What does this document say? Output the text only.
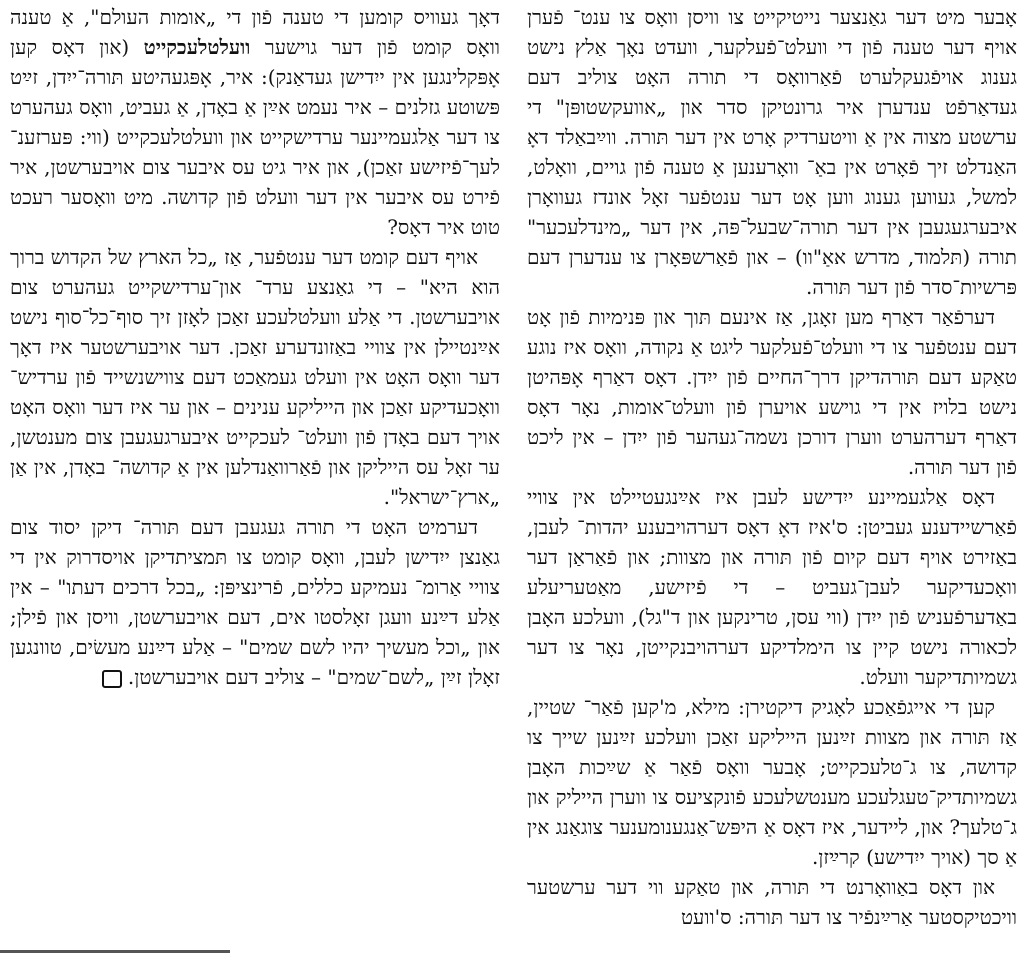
אָבער מיט דער גאַנצער נייטיקייט צו וויסן וואָס צו ענט־ פֿערן אויף דער טענה פֿון די וועלט־פֿעלקער, וועדט נאָך אַלץ נישט גענוג אויפֿגעקלערט פֿאַרוואָס די תורה האָט צוליב דעם געדאַרפֿט ענדערן איר גרונטיקן סדר און „אוועקשטופּן" די ערשטע מצוה אין אַ וויטערדיק אָרט אין דער תּורה. ווײַבאַלד דאָ האַנדלט זיך פֿאָרט אין באַ־ וואָרענען אַ טענה פֿון גויים, וואָלט, למשל, געווען גענוג ווען אָט דער ענטפֿער זאָל אונדז געוואָרן איבערגעגעבן אין דער תורה־שבעל־פּה, אין דער „מינדלעכער" תורה (תּלמוד, מדרש אאַ"וו) – און פֿאַרשפּאָרן צו ענדערן דעם פּרשיות־סדר פֿון דער תּורה.

דערפֿאַר דאַרף מען זאָגן, אַז אינעם תּוך און פּנימיות פֿון אָט דעם ענטפֿער צו די וועלט־פֿעלקער ליגט אַ נקודה, וואָס איז נוגע טאַקע דעם תּורהדיקן דרך־החיים פֿון ייִדן. דאָס דאַרף אָפּהיטן נישט בלויז אין די גוישע אויערן פֿון וועלט־אומות, נאָר דאָס דאַרף דערהערט ווערן דורכן נשמה־געהער פֿון ייִדן – אין ליכט פֿון דער תּורה.

דאָס אַלגעמיינע ייִדישע לעבן איז אײַנגעטיילט אין צוויי פֿאַרשיידענע געביטן: ס'איז דאָ דאָס דערהויבענע יהדות־ לעבן, באַזירט אויף דעם קיום פֿון תּורה און מצוות; און פֿאַראַן דער וואָכעדיקער לעבן־געביט – די פֿיזישע, מאַטעריעלע באַדערפֿעניש פֿון ייִדן (ווי עסן, טרינקען און ד"גל), וועלכע האָבן לכאורה נישט קיין צו הימלדיקע דערהויבנקייטן, נאָר צו דער גשמיותדיקער וועלט.

קען די אייגפֿאַכע לאָגיק דיקטירן: מילא, מ'קען פֿאַר־ שטיין, אַז תּורה און מצוות זײַנען הייליקע זאַכן וועלכע זײַנען שייך צו קדושה, צו ג־טלעכקייט; אָבער וואָס פֿאַר אַ שײַכות האָבן גשמיותדיק־טעגלעכע מענטשלעכע פֿונקציעס צו ווערן הייליק און ג־טלעך? און, ליידער, איז דאָס אַ היפּש־אַנגענומענער צוגאַנג אין אַ סך (אויך ייִדישע) קרײַזן.

און דאָס באַוואָרנט די תּורה, און טאַקע ווי דער ערשטער וויכטיקסטער אַרײַנפֿיר צו דער תּורה: ס'וועט

דאָך געוויס קומען די טענה פֿון די „אומות העולם", אַ טענה וואָס קומט פֿון דער גוישער וועלטלעכקייט (און דאָס קען אָפּקלינגען אין ייִדישן געדאַנק): איר, אָפּגעהיטע תּורה־ייִדן, זײַט פּשוטע גזלנים – איר נעמט אײַן אַ באָדן, אַ געביט, וואָס געהערט צו דער אַלגעמיינער ערדישקייט און וועלטלעכקייט (ווי: פּערזענ־ לעך־פֿיזישע זאַכן), און איר גיט עס איבער צום אויבערשטן, איר פֿירט עס איבער אין דער וועלט פֿון קדושה. מיט וואָסער רעכט טוט איר דאָס?

אויף דעם קומט דער ענטפֿער, אַז „כל הארץ של הקדוש ברוך הוא היא" – די גאַנצע ערד־ און־ערדישקייט געהערט צום אויבערשטן. די אַלע וועלטלעכע זאַכן לאָזן זיך סוף־כל־סוף נישט אײַנטיילן אין צוויי באַזונדערע זאַכן. דער אויבערשטער איז דאָך דער וואָס האָט אין וועלט געמאַכט דעם צווישנשייד פֿון ערדיש־ וואָכעדיקע זאַכן און הייליקע ענינים – און ער איז דער וואָס האָט אויך דעם באָדן פֿון וועלט־ לעכקייט איבערגעגעבן צום מענטשן, ער זאָל עס הייליקן און פֿאַרוואַנדלען אין אַ קדושה־ באָדן, אין אַן „ארץ־ישראל".

דערמיט האָט די תורה געגעבן דעם תּורה־ דיקן יסוד צום גאַנצן ייִדישן לעבן, וואָס קומט צו תּמציתדיקן אויסדרוק אין די צוויי אַרומ־ נעמיקע כללים, פֿרינציפּן: „בכל דרכים דעתו" – אין אַלע דײַנע וועגן זאָלסטו אים, דעם אויבערשטן, וויסן און פֿילן; און „וכל מעשיך יהיו לשם שמים" – אַלע דײַנע מעשׂים, טוונגען זאָלן זײַן „לשם־שמים" – צוליב דעם אויבערשטן.
